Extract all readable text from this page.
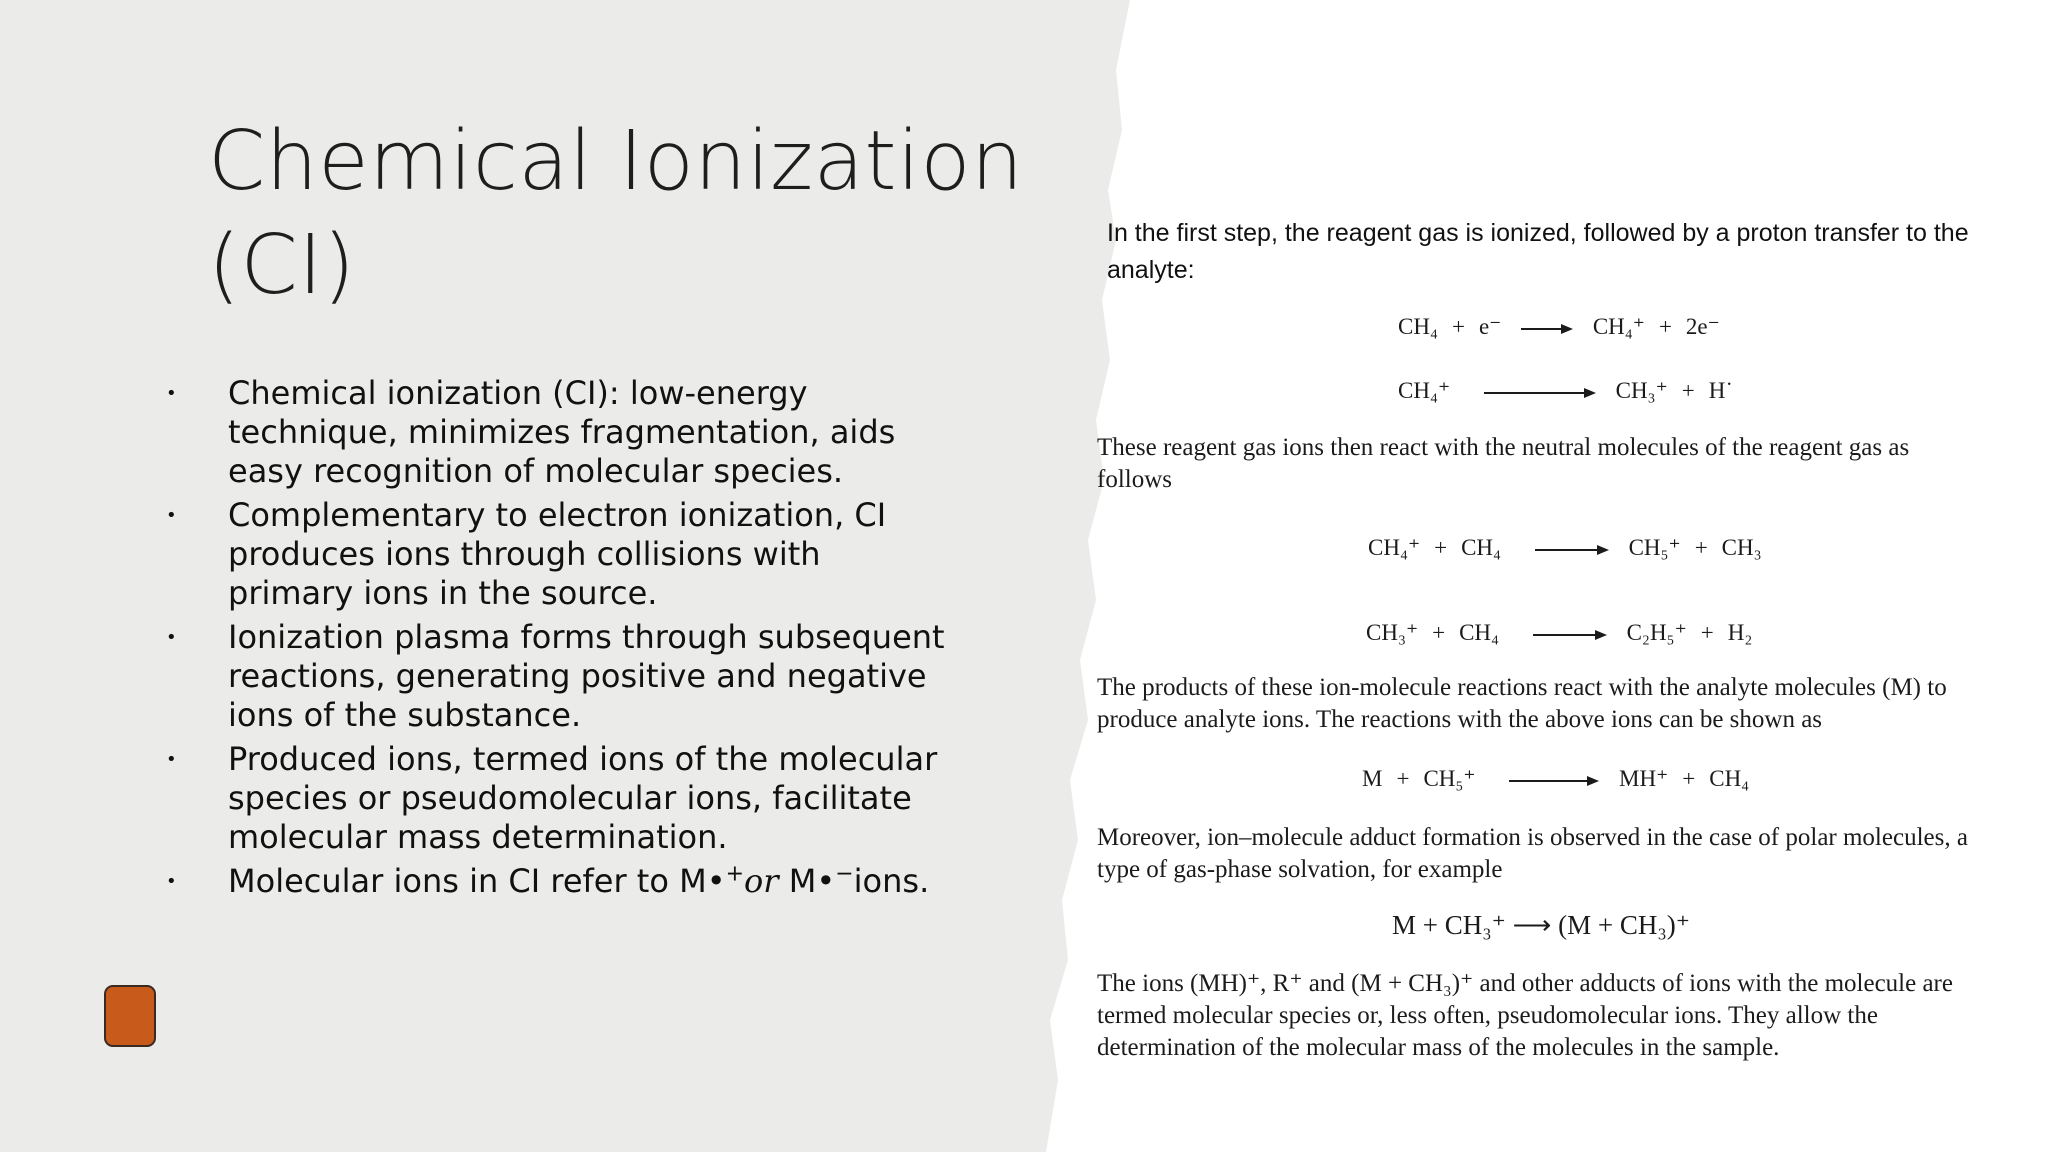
Chemical Ionization (CI)
• Chemical ionization (CI): low-energy technique, minimizes fragmentation, aids easy recognition of molecular species.
• Complementary to electron ionization, CI produces ions through collisions with primary ions in the source.
• Ionization plasma forms through subsequent reactions, generating positive and negative ions of the substance.
• Produced ions, termed ions of the molecular species or pseudomolecular ions, facilitate molecular mass determination.
• Molecular ions in CI refer to M•+or M•−ions.

In the first step, the reagent gas is ionized, followed by a proton transfer to the analyte:

CH₄ + e⁻ → CH₄⁺ + 2e⁻
CH₄⁺	CH₃⁺ + H˙

These reagent gas ions then react with the neutral molecules of the reagent gas as follows

CH₄⁺ + CH₄ → CH₅⁺ + CH₃
CH₃⁺ + CH₄ → C₂H₅⁺ + H₂

The products of these ion-molecule reactions react with the analyte molecules (M) to produce analyte ions. The reactions with the above ions can be shown as

M + CH₅⁺ → MH⁺ + CH₄

Moreover, ion–molecule adduct formation is observed in the case of polar molecules, a type of gas-phase solvation, for example

M + CH₃⁺ ⟶ (M + CH₃)⁺

The ions (MH)⁺, R⁺ and (M + CH₃)⁺ and other adducts of ions with the molecule are termed molecular species or, less often, pseudomolecular ions. They allow the determination of the molecular mass of the molecules in the sample.
